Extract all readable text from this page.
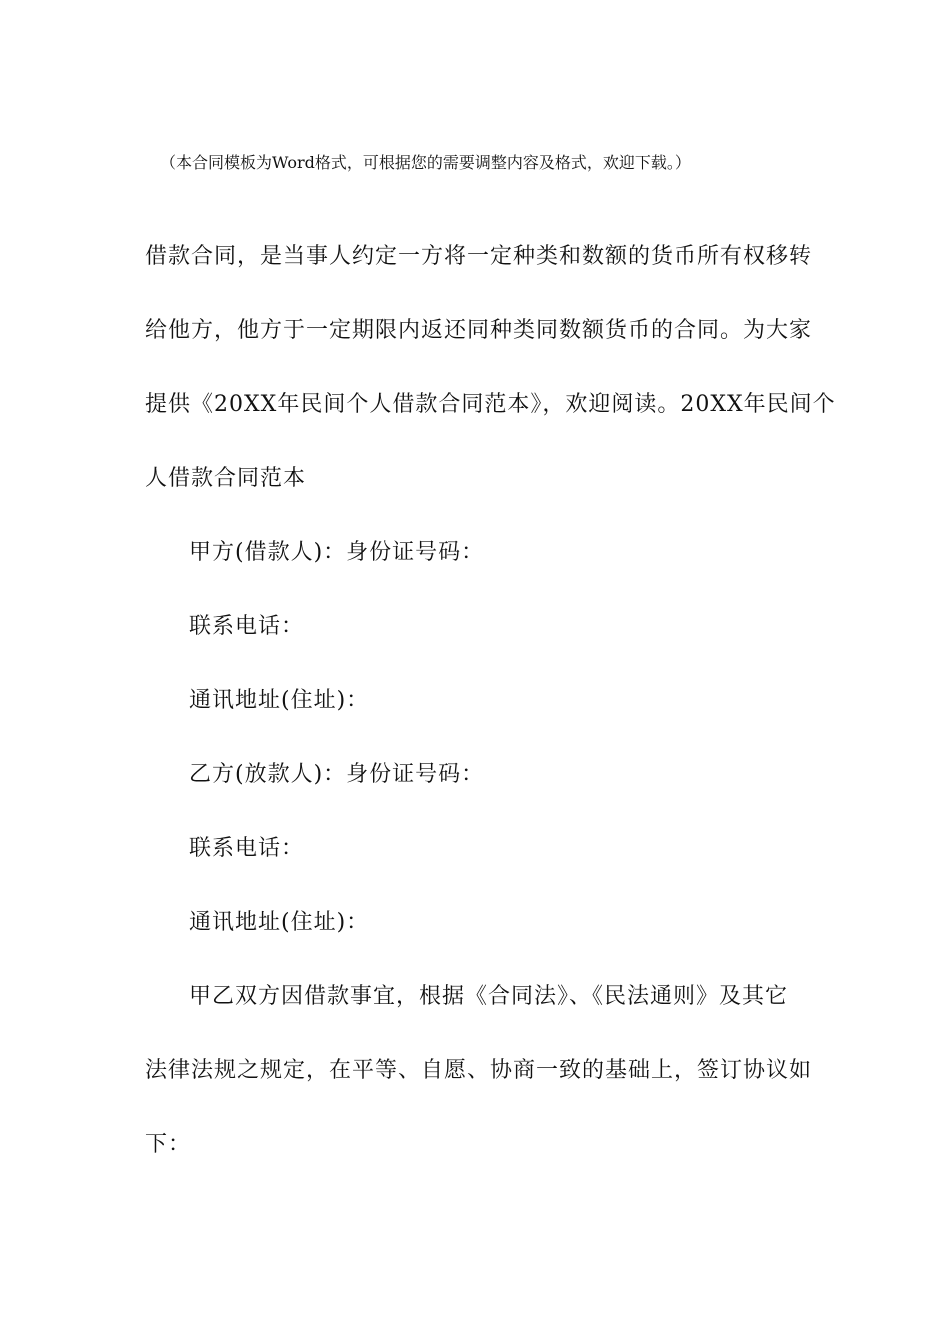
（本合同模板为Word格式，可根据您的需要调整内容及格式，欢迎下载。）
借款合同，是当事人约定一方将一定种类和数额的货币所有权移转
给他方，他方于一定期限内返还同种类同数额货币的合同。为大家
提供《20XX年民间个人借款合同范本》，欢迎阅读。20XX年民间个
人借款合同范本
甲方(借款人)：身份证号码：
联系电话：
通讯地址(住址)：
乙方(放款人)：身份证号码：
联系电话：
通讯地址(住址)：
甲乙双方因借款事宜，根据《合同法》、《民法通则》及其它
法律法规之规定，在平等、自愿、协商一致的基础上，签订协议如
下：
